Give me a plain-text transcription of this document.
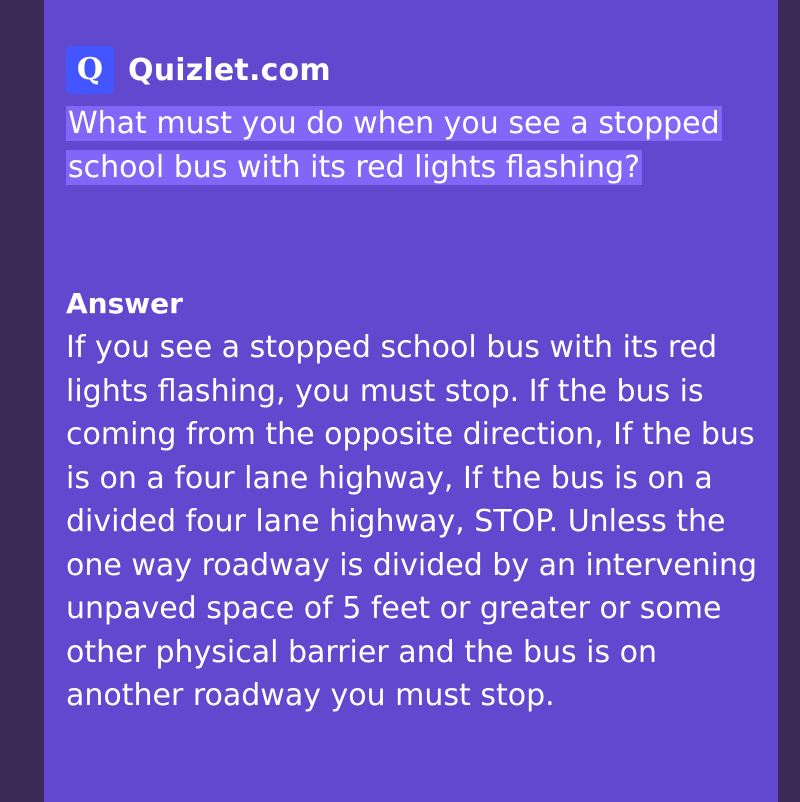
Q Quizlet.com
What must you do when you see a stopped school bus with its red lights flashing?
Answer
If you see a stopped school bus with its red lights flashing, you must stop. If the bus is coming from the opposite direction, If the bus is on a four lane highway, If the bus is on a divided four lane highway, STOP. Unless the one way roadway is divided by an intervening unpaved space of 5 feet or greater or some other physical barrier and the bus is on another roadway you must stop.
